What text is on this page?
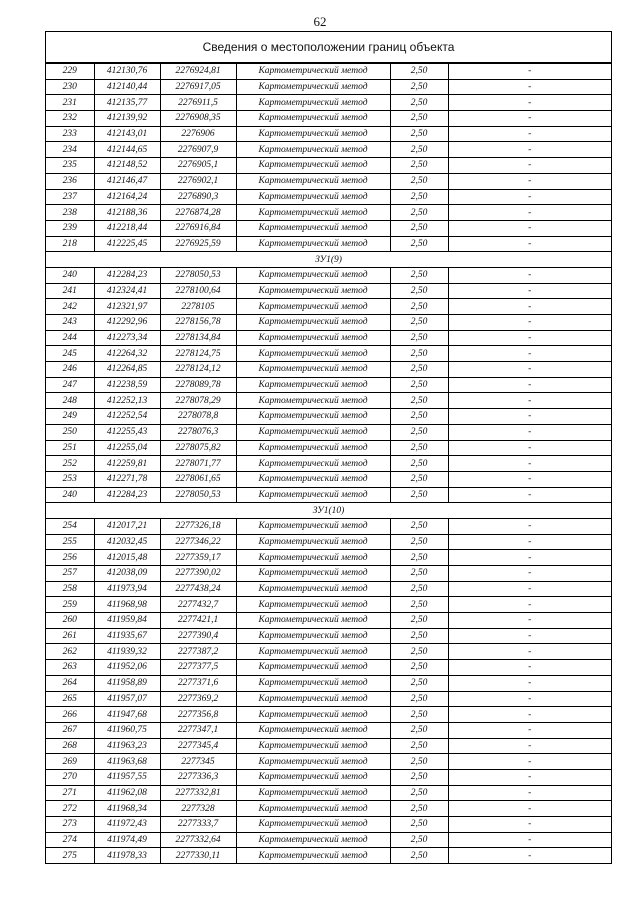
62
Сведения о местоположении границ объекта
229	412130,76	2276924,81	Картометрический метод	2,50	-
230	412140,44	2276917,05	Картометрический метод	2,50	-
231	412135,77	2276911,5	Картометрический метод	2,50	-
232	412139,92	2276908,35	Картометрический метод	2,50	-
233	412143,01	2276906	Картометрический метод	2,50	-
234	412144,65	2276907,9	Картометрический метод	2,50	-
235	412148,52	2276905,1	Картометрический метод	2,50	-
236	412146,47	2276902,1	Картометрический метод	2,50	-
237	412164,24	2276890,3	Картометрический метод	2,50	-
238	412188,36	2276874,28	Картометрический метод	2,50	-
239	412218,44	2276916,84	Картометрический метод	2,50	-
218	412225,45	2276925,59	Картометрический метод	2,50	-
ЗУ1(9)					
240	412284,23	2278050,53	Картометрический метод	2,50	-
241	412324,41	2278100,64	Картометрический метод	2,50	-
242	412321,97	2278105	Картометрический метод	2,50	-
243	412292,96	2278156,78	Картометрический метод	2,50	-
244	412273,34	2278134,84	Картометрический метод	2,50	-
245	412264,32	2278124,75	Картометрический метод	2,50	-
246	412264,85	2278124,12	Картометрический метод	2,50	-
247	412238,59	2278089,78	Картометрический метод	2,50	-
248	412252,13	2278078,29	Картометрический метод	2,50	-
249	412252,54	2278078,8	Картометрический метод	2,50	-
250	412255,43	2278076,3	Картометрический метод	2,50	-
251	412255,04	2278075,82	Картометрический метод	2,50	-
252	412259,81	2278071,77	Картометрический метод	2,50	-
253	412271,78	2278061,65	Картометрический метод	2,50	-
240	412284,23	2278050,53	Картометрический метод	2,50	-
ЗУ1(10)					
254	412017,21	2277326,18	Картометрический метод	2,50	-
255	412032,45	2277346,22	Картометрический метод	2,50	-
256	412015,48	2277359,17	Картометрический метод	2,50	-
257	412038,09	2277390,02	Картометрический метод	2,50	-
258	411973,94	2277438,24	Картометрический метод	2,50	-
259	411968,98	2277432,7	Картометрический метод	2,50	-
260	411959,84	2277421,1	Картометрический метод	2,50	-
261	411935,67	2277390,4	Картометрический метод	2,50	-
262	411939,32	2277387,2	Картометрический метод	2,50	-
263	411952,06	2277377,5	Картометрический метод	2,50	-
264	411958,89	2277371,6	Картометрический метод	2,50	-
265	411957,07	2277369,2	Картометрический метод	2,50	-
266	411947,68	2277356,8	Картометрический метод	2,50	-
267	411960,75	2277347,1	Картометрический метод	2,50	-
268	411963,23	2277345,4	Картометрический метод	2,50	-
269	411963,68	2277345	Картометрический метод	2,50	-
270	411957,55	2277336,3	Картометрический метод	2,50	-
271	411962,08	2277332,81	Картометрический метод	2,50	-
272	411968,34	2277328	Картометрический метод	2,50	-
273	411972,43	2277333,7	Картометрический метод	2,50	-
274	411974,49	2277332,64	Картометрический метод	2,50	-
275	411978,33	2277330,11	Картометрический метод	2,50	-
